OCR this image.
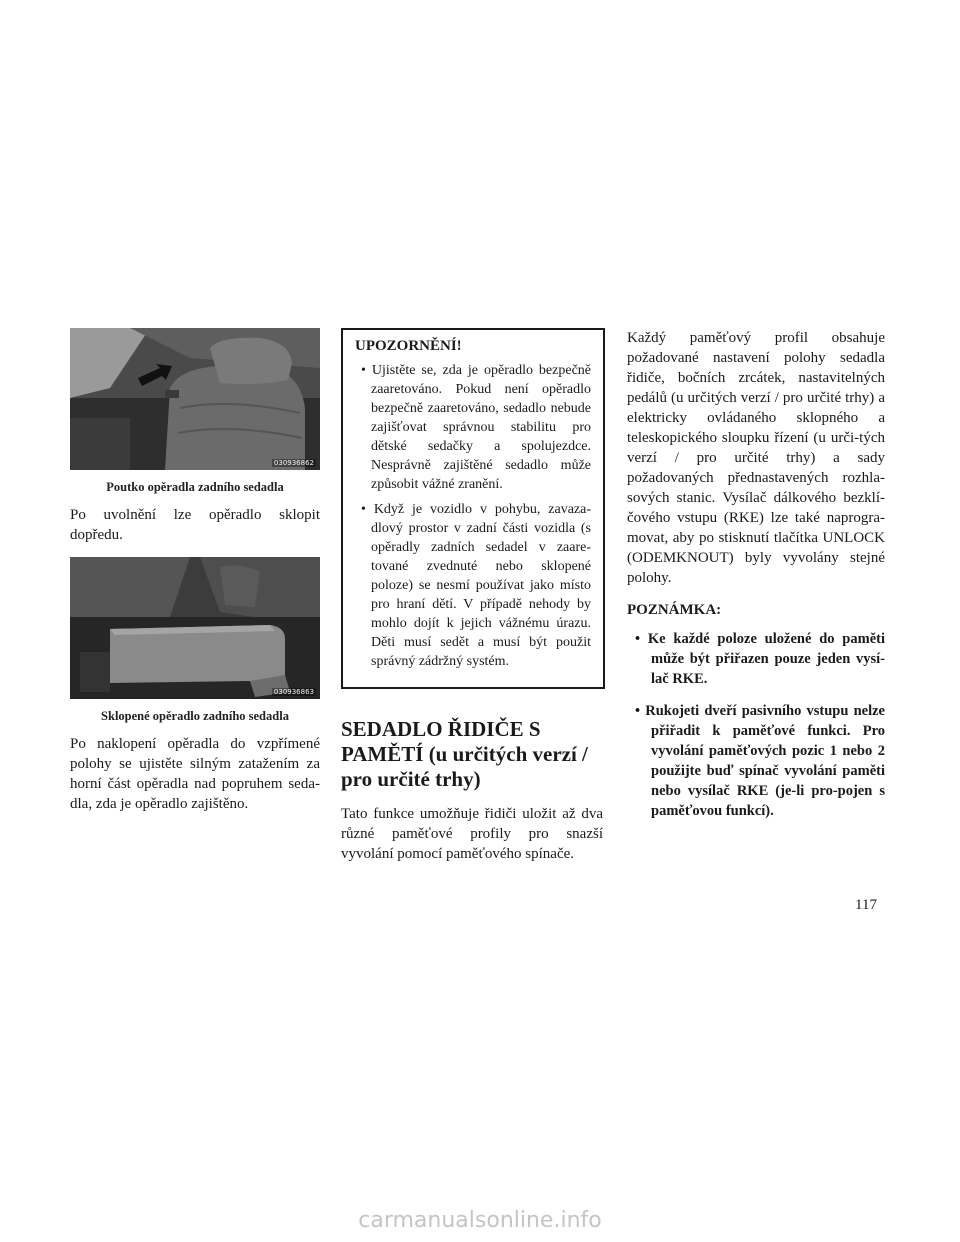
030936862
Poutko opěradla zadního sedadla

Po uvolnění lze opěradlo sklopit dopředu.

030936863
Sklopené opěradlo zadního sedadla

Po naklopení opěradla do vzpřímené polohy se ujistěte silným zatažením za horní část opěradla nad popruhem seda-dla, zda je opěradlo zajištěno.

UPOZORNĚNÍ!
• Ujistěte se, zda je opěradlo bezpečně zaaretováno. Pokud není opěradlo bezpečně zaaretováno, sedadlo nebude zajišťovat správnou stabilitu pro dětské sedačky a spolujezdce. Nesprávně zajištěné sedadlo může způsobit vážné zranění.
• Když je vozidlo v pohybu, zavaza-dlový prostor v zadní části vozidla (s opěradly zadních sedadel v zaare-tované zvednuté nebo sklopené poloze) se nesmí používat jako místo pro hraní dětí. V případě nehody by mohlo dojít k jejich vážnému úrazu. Děti musí sedět a musí být použit správný zádržný systém.
SEDADLO ŘIDIČE S PAMĚTÍ (u určitých verzí / pro určité trhy)

Tato funkce umožňuje řidiči uložit až dva různé paměťové profily pro snazší vyvolání pomocí paměťového spínače.

Každý paměťový profil obsahuje požadované nastavení polohy sedadla řidiče, bočních zrcátek, nastavitelných pedálů (u určitých verzí / pro určité trhy) a elektricky ovládaného sklopného a teleskopického sloupku řízení (u urči-tých verzí / pro určité trhy) a sady požadovaných přednastavených rozhla-sových stanic. Vysílač dálkového bezklí-čového vstupu (RKE) lze také naprogra-movat, aby po stisknutí tlačítka UNLOCK (ODEMKNOUT) byly vyvolány stejné polohy.

POZNÁMKA:
• Ke každé poloze uložené do paměti může být přiřazen pouze jeden vysí-lač RKE.
• Rukojeti dveří pasivního vstupu nelze přiřadit k paměťové funkci. Pro vyvolání paměťových pozic 1 nebo 2 použijte buď spínač vyvolání paměti nebo vysílač RKE (je-li pro-pojen s paměťovou funkcí).
117
carmanualsonline.info
